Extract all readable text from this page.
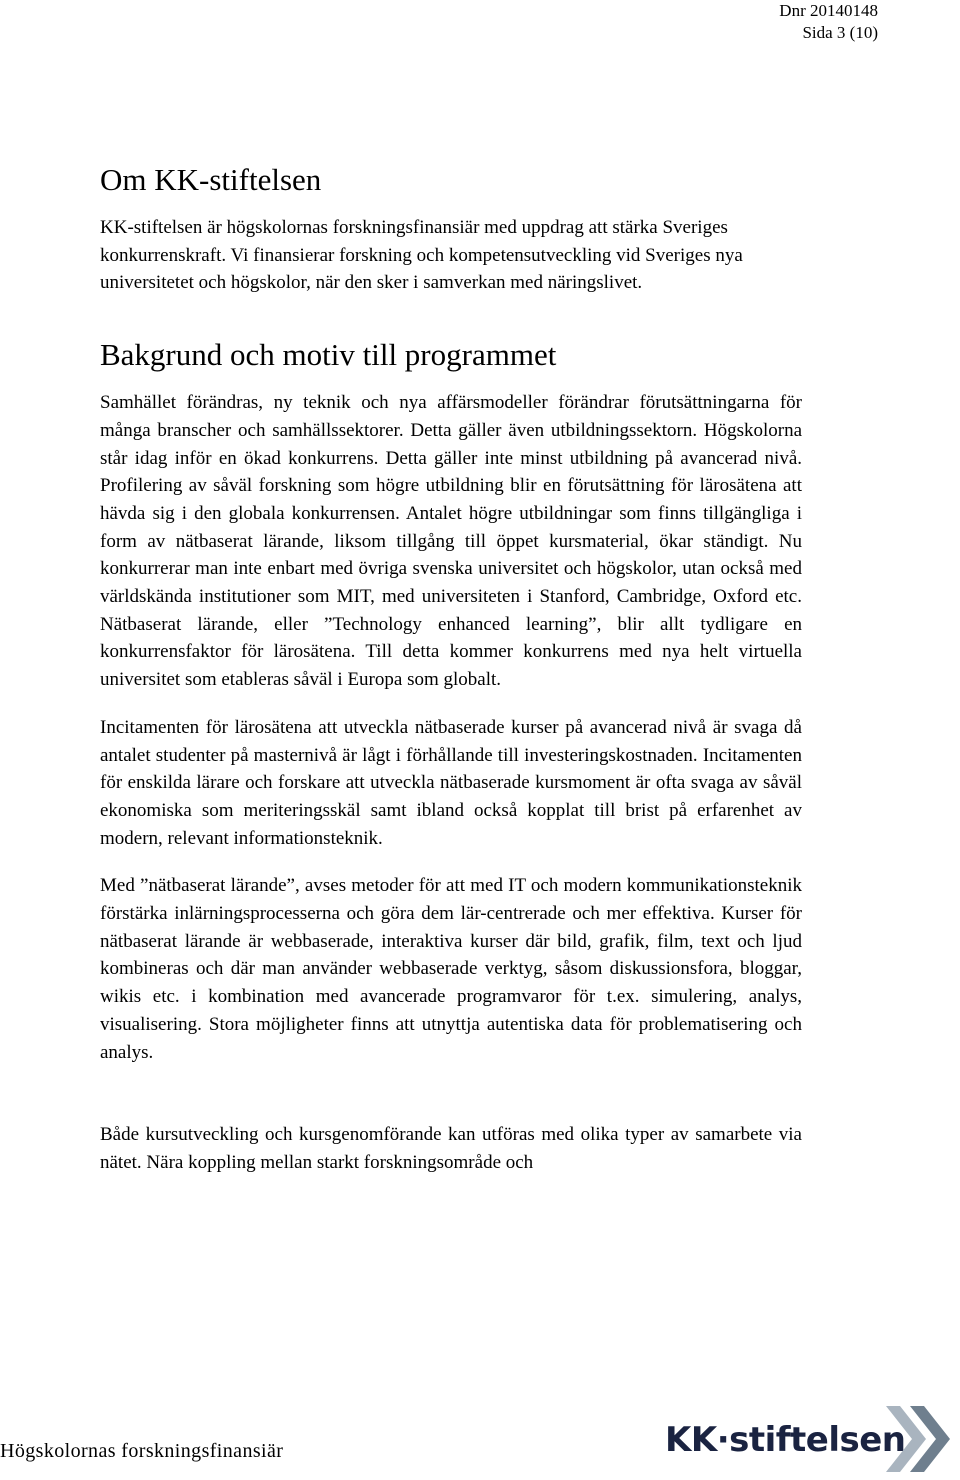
Dnr 20140148
Sida 3 (10)
Om KK-stiftelsen

KK-stiftelsen är högskolornas forskningsfinansiär med uppdrag att stärka Sveriges konkurrenskraft. Vi finansierar forskning och kompetensutveckling vid Sveriges nya universitetet och högskolor, när den sker i samverkan med näringslivet.

Bakgrund och motiv till programmet

Samhället förändras, ny teknik och nya affärsmodeller förändrar förutsättningarna för många branscher och samhällssektorer. Detta gäller även utbildningssektorn. Högskolorna står idag inför en ökad konkurrens. Detta gäller inte minst utbildning på avancerad nivå. Profilering av såväl forskning som högre utbildning blir en förutsättning för lärosätena att hävda sig i den globala konkurrensen. Antalet högre utbildningar som finns tillgängliga i form av nätbaserat lärande, liksom tillgång till öppet kursmaterial, ökar ständigt. Nu konkurrerar man inte enbart med övriga svenska universitet och högskolor, utan också med världskända institutioner som MIT, med universiteten i Stanford, Cambridge, Oxford etc. Nätbaserat lärande, eller ”Technology enhanced learning”, blir allt tydligare en konkurrensfaktor för lärosätena. Till detta kommer konkurrens med nya helt virtuella universitet som etableras såväl i Europa som globalt.

Incitamenten för lärosätena att utveckla nätbaserade kurser på avancerad nivå är svaga då antalet studenter på masternivå är lågt i förhållande till investeringskostnaden. Incitamenten för enskilda lärare och forskare att utveckla nätbaserade kursmoment är ofta svaga av såväl ekonomiska som meriteringsskäl samt ibland också kopplat till brist på erfarenhet av modern, relevant informationsteknik.

Med ”nätbaserat lärande”, avses metoder för att med IT och modern kommunikationsteknik förstärka inlärningsprocesserna och göra dem lär-centrerade och mer effektiva. Kurser för nätbaserat lärande är webbaserade, interaktiva kurser där bild, grafik, film, text och ljud kombineras och där man använder webbaserade verktyg, såsom diskussionsfora, bloggar, wikis etc. i kombination med avancerade programvaror för t.ex. simulering, analys, visualisering. Stora möjligheter finns att utnyttja autentiska data för problematisering och analys.

Både kursutveckling och kursgenomförande kan utföras med olika typer av samarbete via nätet. Nära koppling mellan starkt forskningsområde och

Högskolornas forskningsfinansiär	KK·stiftelsen
